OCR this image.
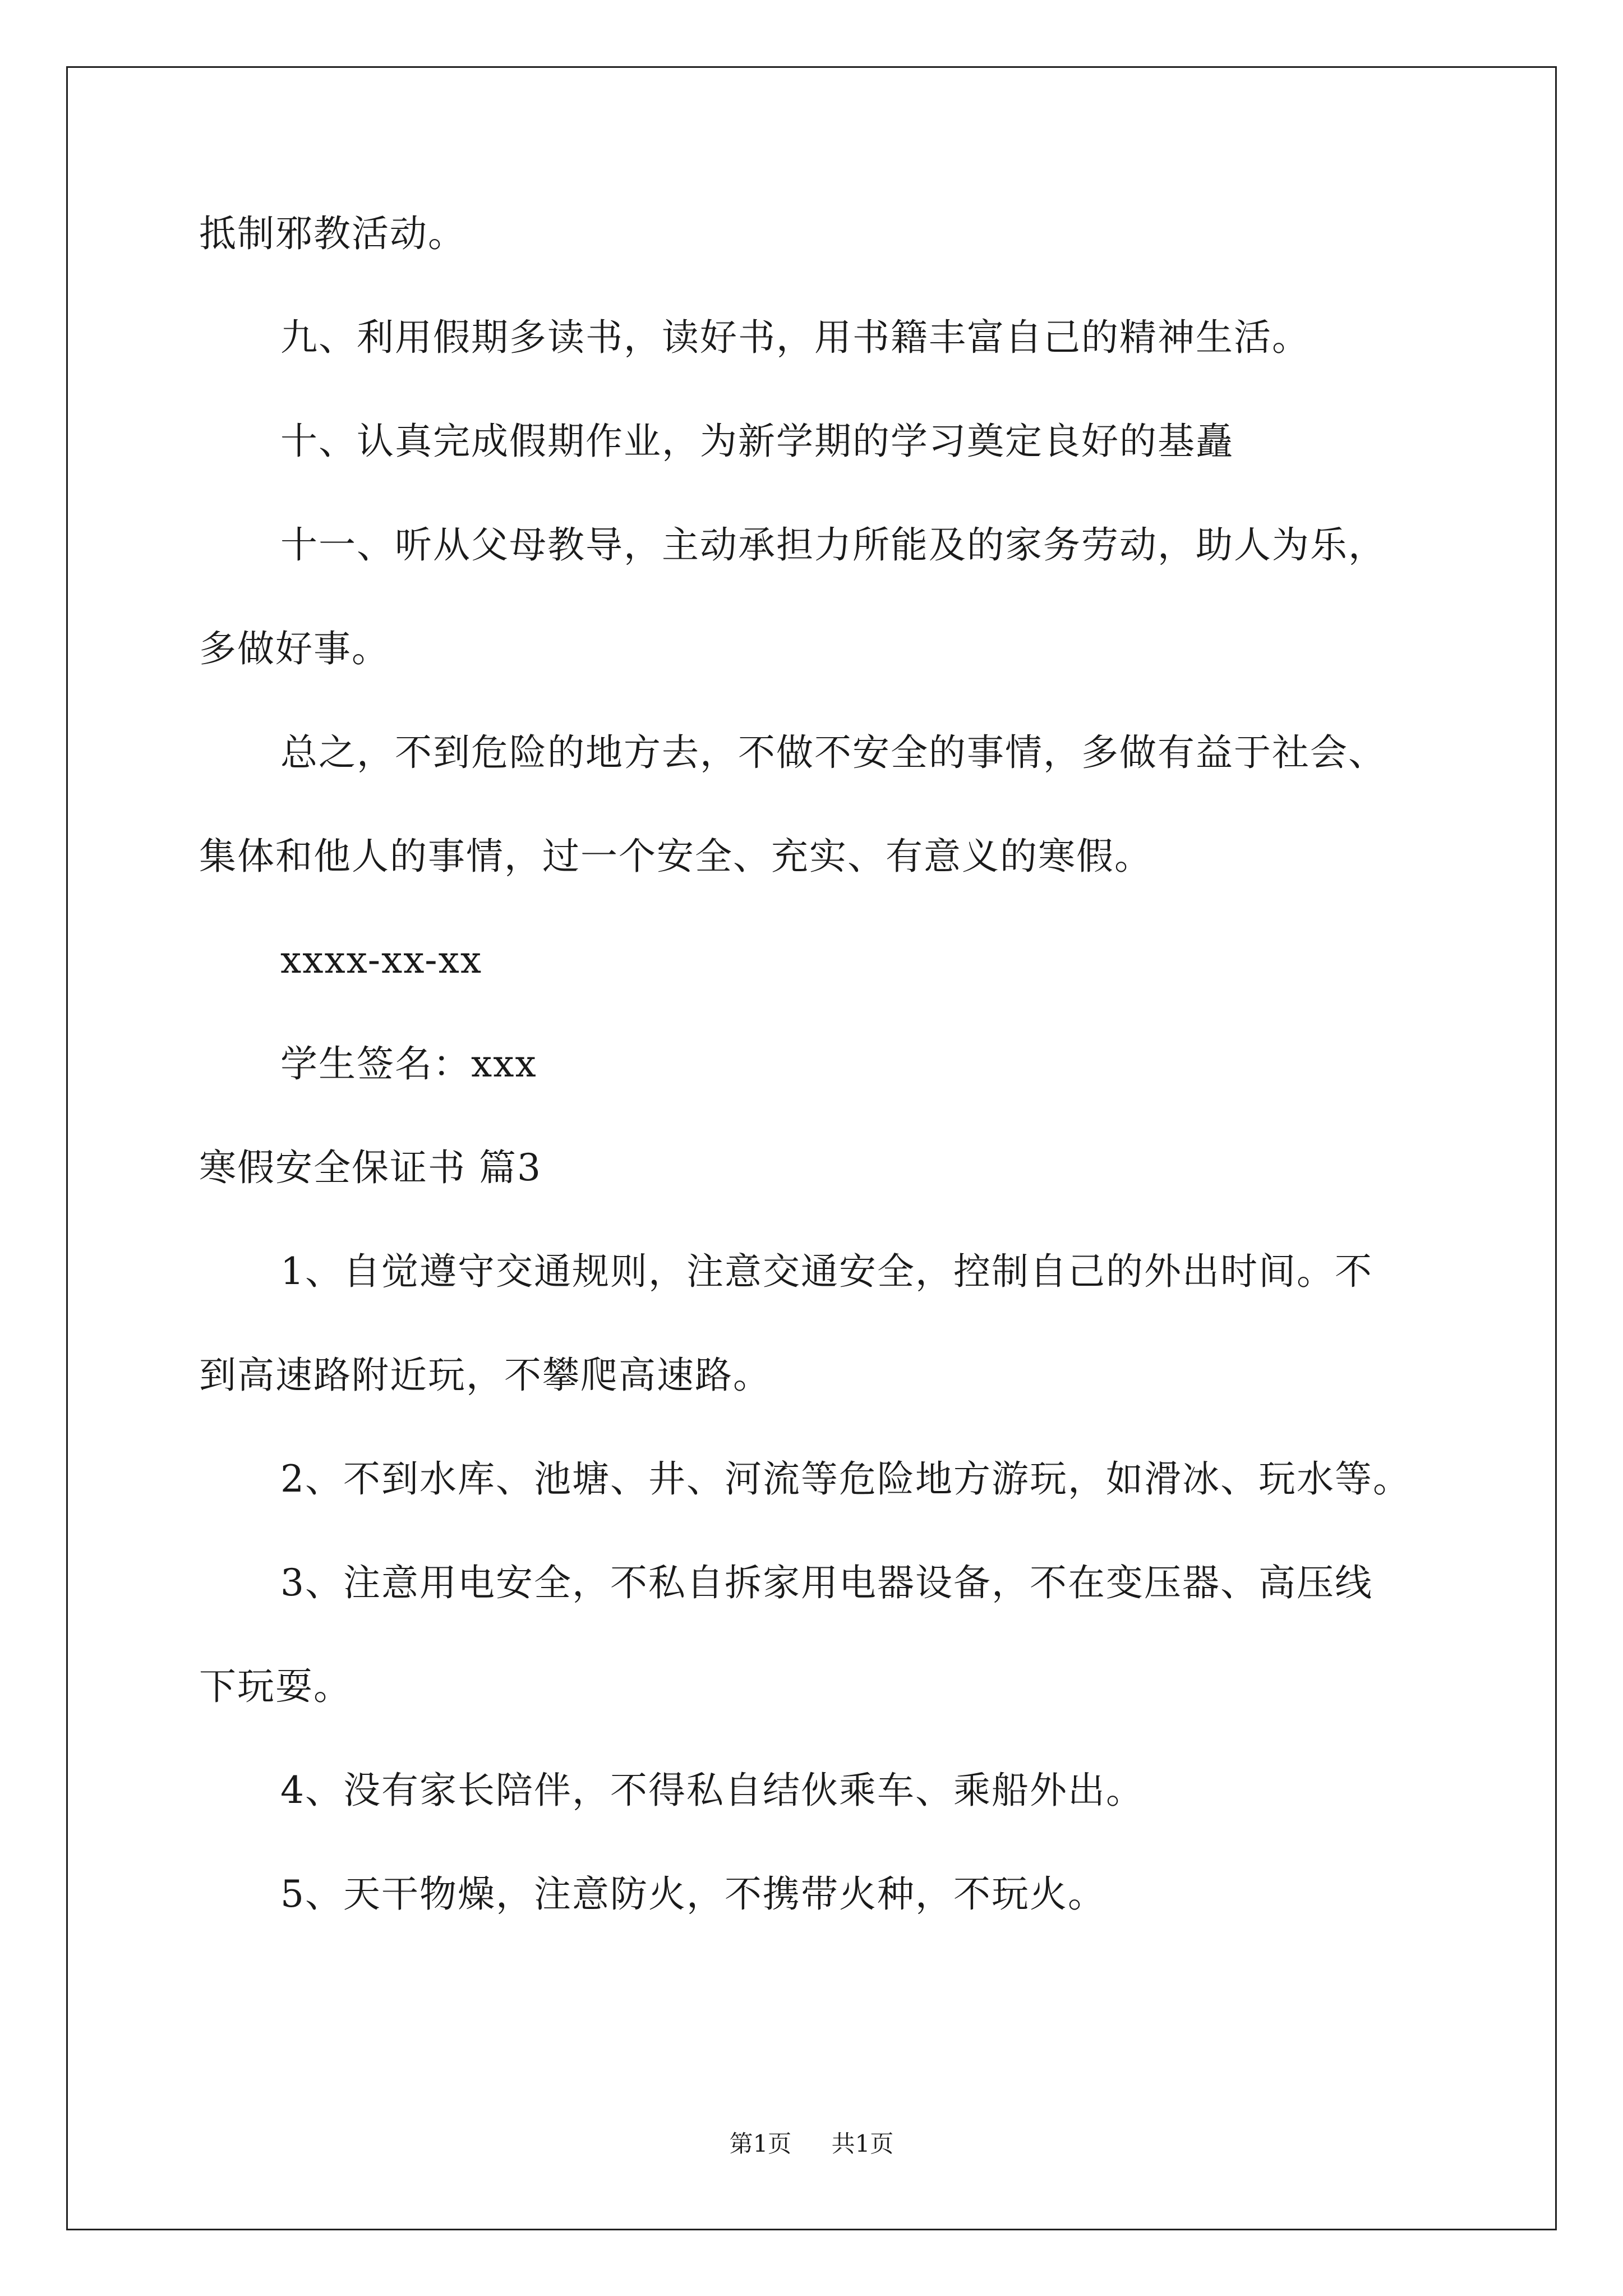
抵制邪教活动。
九、利用假期多读书，读好书，用书籍丰富自己的精神生活。
十、认真完成假期作业，为新学期的学习奠定良好的基矗
十一、听从父母教导，主动承担力所能及的家务劳动，助人为乐，
多做好事。
总之，不到危险的地方去，不做不安全的事情，多做有益于社会、
集体和他人的事情，过一个安全、充实、有意义的寒假。
xxxx-xx-xx
学生签名：xxx
寒假安全保证书 篇3
1、自觉遵守交通规则，注意交通安全，控制自己的外出时间。不
到高速路附近玩，不攀爬高速路。
2、不到水库、池塘、井、河流等危险地方游玩，如滑冰、玩水等。
3、注意用电安全，不私自拆家用电器设备，不在变压器、高压线
下玩耍。
4、没有家长陪伴，不得私自结伙乘车、乘船外出。
5、天干物燥，注意防火，不携带火种，不玩火。
第1页 共1页
